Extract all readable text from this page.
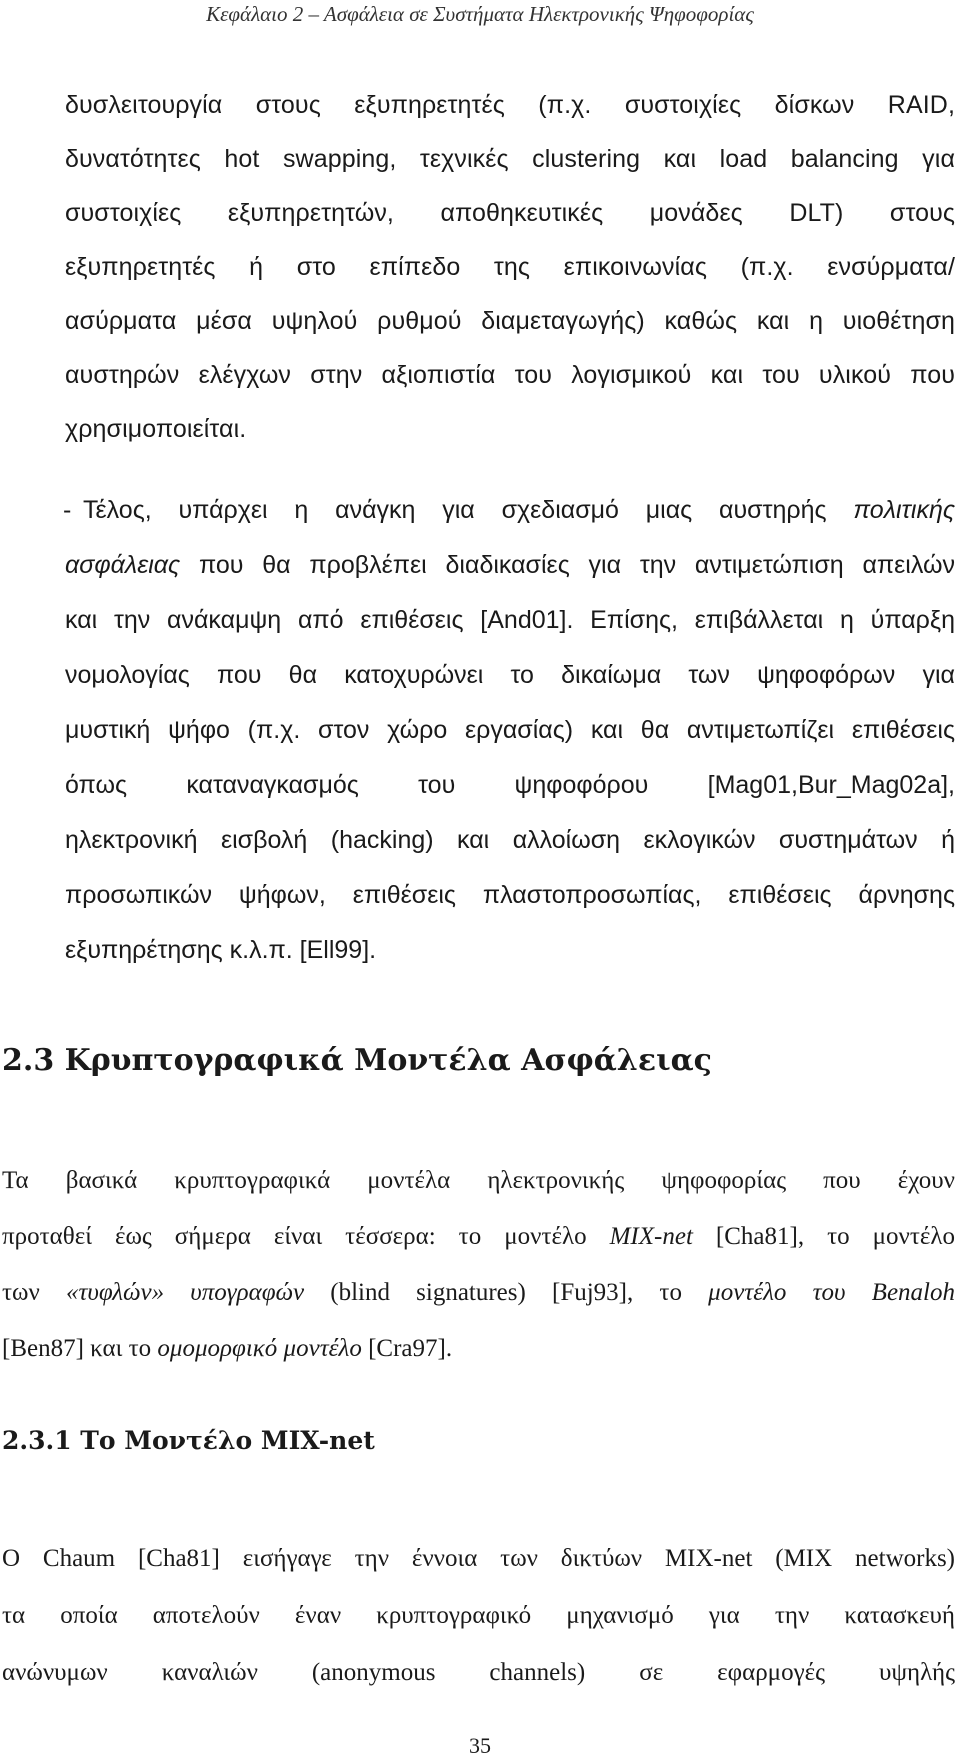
Κεφάλαιο 2 – Ασφάλεια σε Συστήματα Ηλεκτρονικής Ψηφοφορίας
δυσλειτουργία στους εξυπηρετητές (π.χ. συστοιχίες δίσκων RAID,
δυνατότητες hot swapping, τεχνικές clustering και load balancing για
συστοιχίες εξυπηρετητών, αποθηκευτικές μονάδες DLT) στους
εξυπηρετητές ή στο επίπεδο της επικοινωνίας (π.χ. ενσύρματα/
ασύρματα μέσα υψηλού ρυθμού διαμεταγωγής) καθώς και η υιοθέτηση
αυστηρών ελέγχων στην αξιοπιστία του λογισμικού και του υλικού που
χρησιμοποιείται.
- Τέλος, υπάρχει η ανάγκη για σχεδιασμό μιας αυστηρής πολιτικής
ασφάλειας που θα προβλέπει διαδικασίες για την αντιμετώπιση απειλών
και την ανάκαμψη από επιθέσεις [And01]. Επίσης, επιβάλλεται η ύπαρξη
νομολογίας που θα κατοχυρώνει το δικαίωμα των ψηφοφόρων για
μυστική ψήφο (π.χ. στον χώρο εργασίας) και θα αντιμετωπίζει επιθέσεις
όπως καταναγκασμός του ψηφοφόρου [Mag01,Bur_Mag02a],
ηλεκτρονική εισβολή (hacking) και αλλοίωση εκλογικών συστημάτων ή
προσωπικών ψήφων, επιθέσεις πλαστοπροσωπίας, επιθέσεις άρνησης
εξυπηρέτησης κ.λ.π. [Ell99].
2.3 Κρυπτογραφικά Μοντέλα Ασφάλειας
Τα βασικά κρυπτογραφικά μοντέλα ηλεκτρονικής ψηφοφορίας που έχουν
προταθεί έως σήμερα είναι τέσσερα: το μοντέλο MIX-net [Cha81], το μοντέλο
των «τυφλών» υπογραφών (blind signatures) [Fuj93], το μοντέλο του Benaloh
[Ben87] και το ομομορφικό μοντέλο [Cra97].
2.3.1 Το Μοντέλο MIX-net
Ο Chaum [Cha81] εισήγαγε την έννοια των δικτύων MIX-net (MIX networks)
τα οποία αποτελούν έναν κρυπτογραφικό μηχανισμό για την κατασκευή
ανώνυμων καναλιών (anonymous channels) σε εφαρμογές υψηλής
35
